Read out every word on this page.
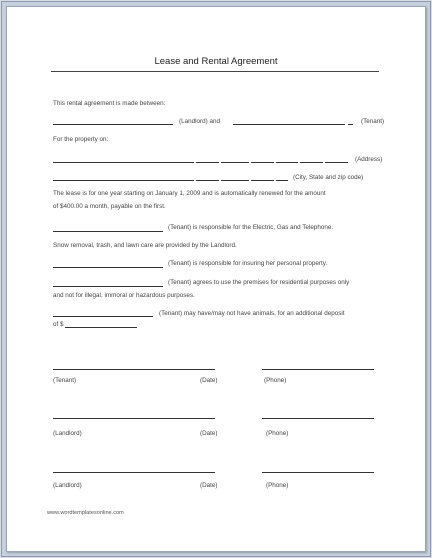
Lease and Rental Agreement
This rental agreement is made between:
(Landlord) and	(Tenant)
For the property on:
(Address)
(City, State and zip code)
The lease is for one year starting on January 1, 2009 and is automatically renewed for the amount
of $400.00 a month, payable on the first.
(Tenant) is responsible for the Electric, Gas and Telephone.
Snow removal, trash, and lawn care are provided by the Landlord.
(Tenant) is responsible for insuring her personal property.
(Tenant) agrees to use the premises for residential purposes only
and not for illegal, immoral or hazardous purposes.
(Tenant) may have/may not have animals, for an additional deposit
of $
(Tenant)	(Date)	(Phone)
(Landlord)	(Date)	(Phone)
(Landlord)	(Date)	(Phone)
www.wordtemplatesonline.com
